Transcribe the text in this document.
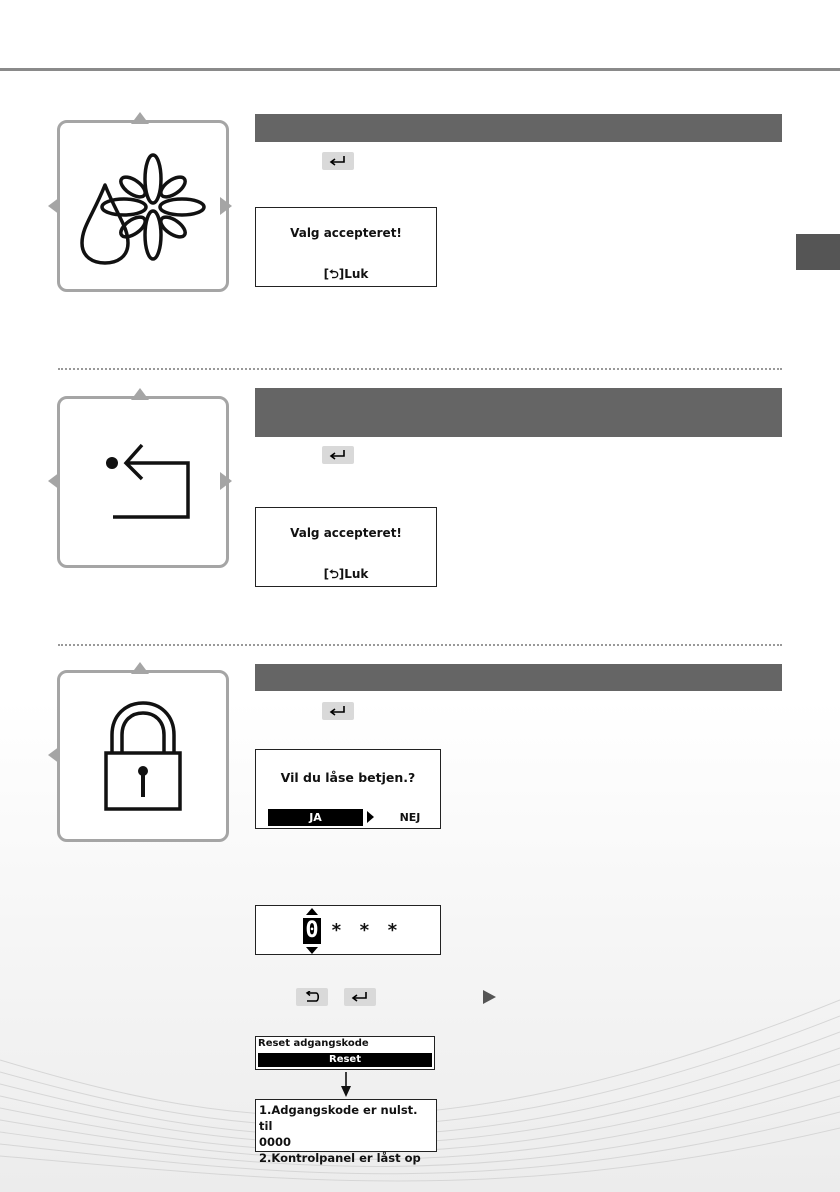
Valg accepteret!
[⮌]Luk
Valg accepteret!
[⮌]Luk
Vil du låse betjen.?
JA	NEJ
0 * * *
Reset adgangskode
Reset
1.Adgangskode er nulst. til
0000
2.Kontrolpanel er låst op
